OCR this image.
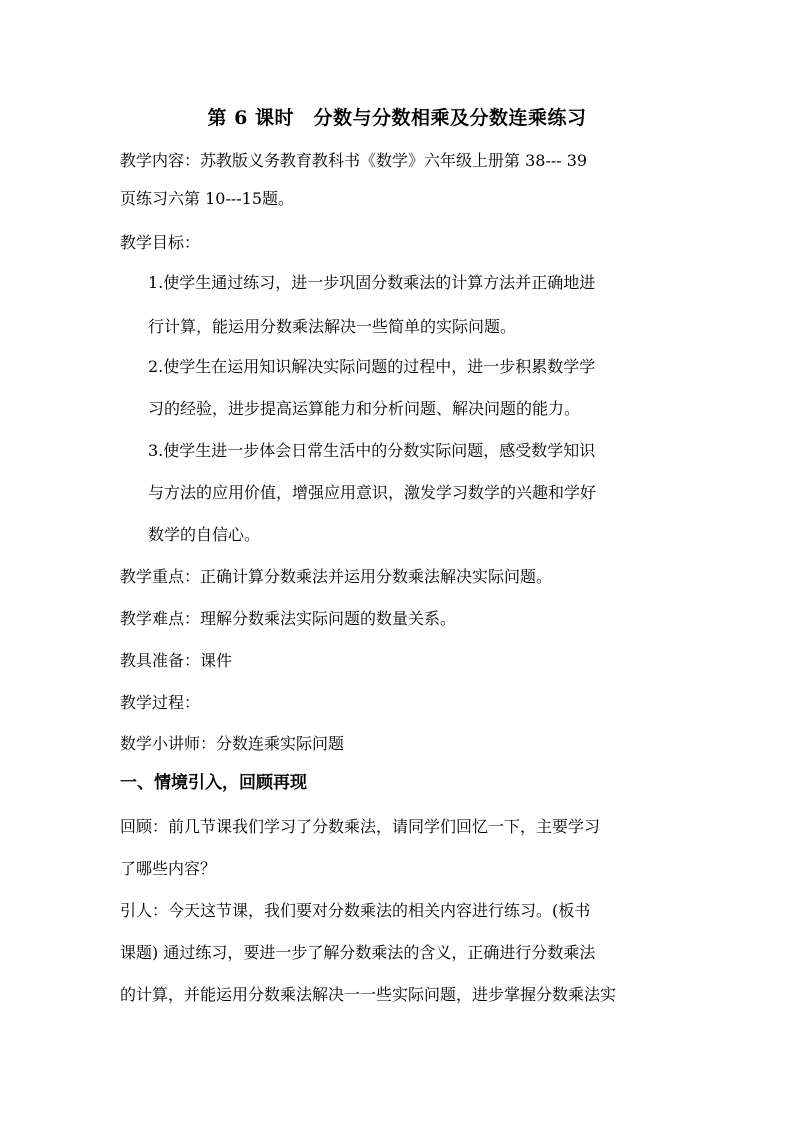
第 6 课时　分数与分数相乘及分数连乘练习
教学内容：苏教版义务教育教科书《数学》六年级上册第 38--- 39
页练习六第 10---15题。
教学目标：
1.使学生通过练习，进一步巩固分数乘法的计算方法并正确地进
行计算，能运用分数乘法解决一些简单的实际问题。
2.使学生在运用知识解决实际问题的过程中，进一步积累数学学
习的经验，进步提高运算能力和分析问题、解决问题的能力。
3.使学生进一步体会日常生活中的分数实际问题，感受数学知识
与方法的应用价值，增强应用意识，激发学习数学的兴趣和学好
数学的自信心。
教学重点：正确计算分数乘法并运用分数乘法解决实际问题。
教学难点：理解分数乘法实际问题的数量关系。
教具准备：课件
教学过程：
数学小讲师：分数连乘实际问题
一、情境引入，回顾再现
回顾：前几节课我们学习了分数乘法，请同学们回忆一下，主要学习
了哪些内容？
引人：今天这节课，我们要对分数乘法的相关内容进行练习。(板书
课题) 通过练习，要进一步了解分数乘法的含义，正确进行分数乘法
的计算，并能运用分数乘法解决一一些实际问题，进步掌握分数乘法实
